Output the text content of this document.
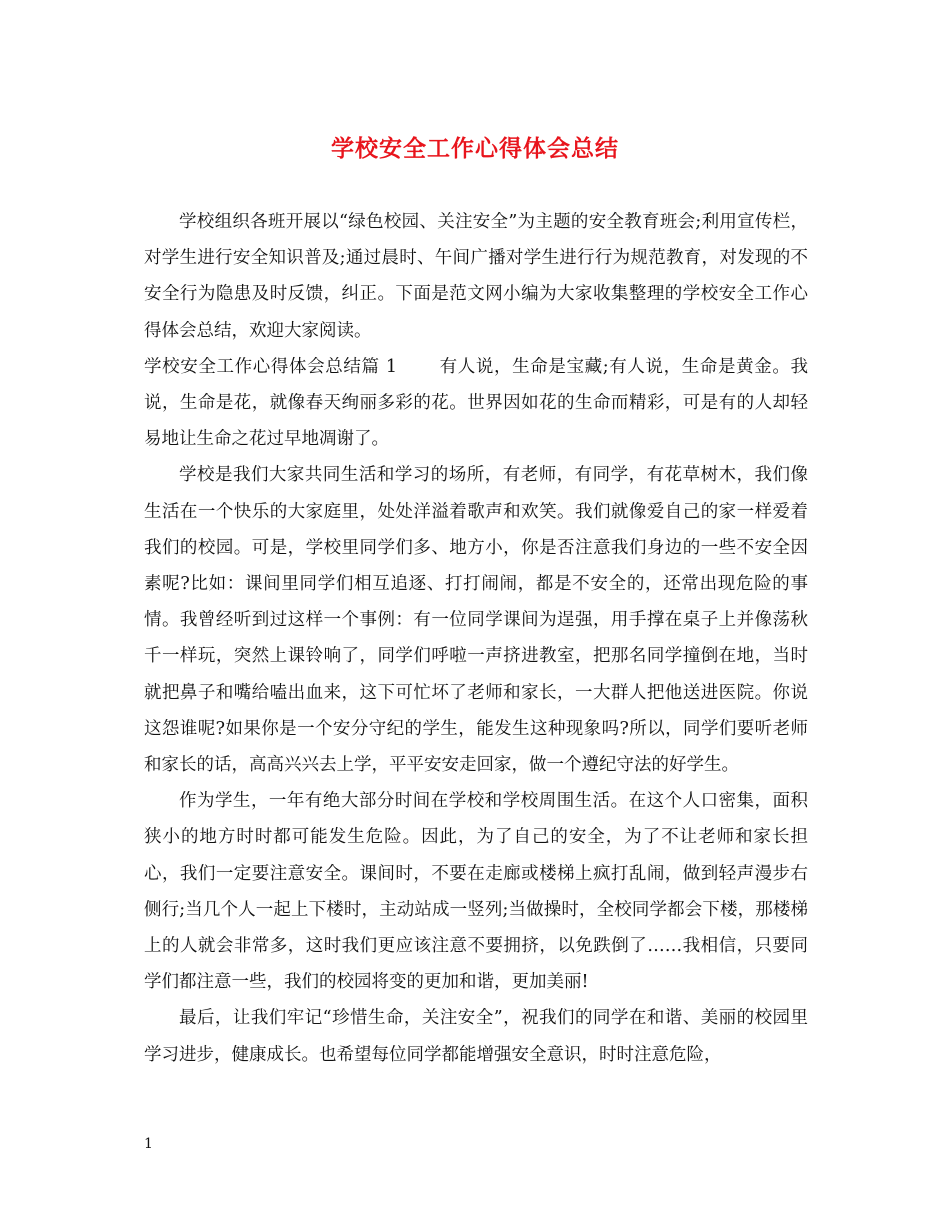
学校安全工作心得体会总结

学校组织各班开展以“绿色校园、关注安全”为主题的安全教育班会;利用宣传栏，对学生进行安全知识普及;通过晨时、午间广播对学生进行行为规范教育，对发现的不安全行为隐患及时反馈，纠正。下面是范文网小编为大家收集整理的学校安全工作心得体会总结，欢迎大家阅读。

学校安全工作心得体会总结篇 1 有人说，生命是宝藏;有人说，生命是黄金。我说，生命是花，就像春天绚丽多彩的花。世界因如花的生命而精彩，可是有的人却轻易地让生命之花过早地凋谢了。

学校是我们大家共同生活和学习的场所，有老师，有同学，有花草树木，我们像生活在一个快乐的大家庭里，处处洋溢着歌声和欢笑。我们就像爱自己的家一样爱着我们的校园。可是，学校里同学们多、地方小，你是否注意我们身边的一些不安全因素呢?比如：课间里同学们相互追逐、打打闹闹，都是不安全的，还常出现危险的事情。我曾经听到过这样一个事例：有一位同学课间为逞强，用手撑在桌子上并像荡秋千一样玩，突然上课铃响了，同学们呼啦一声挤进教室，把那名同学撞倒在地，当时就把鼻子和嘴给嗑出血来，这下可忙坏了老师和家长，一大群人把他送进医院。你说这怨谁呢?如果你是一个安分守纪的学生，能发生这种现象吗?所以，同学们要听老师和家长的话，高高兴兴去上学，平平安安走回家，做一个遵纪守法的好学生。

作为学生，一年有绝大部分时间在学校和学校周围生活。在这个人口密集，面积狭小的地方时时都可能发生危险。因此，为了自己的安全，为了不让老师和家长担心，我们一定要注意安全。课间时，不要在走廊或楼梯上疯打乱闹，做到轻声漫步右侧行;当几个人一起上下楼时，主动站成一竖列;当做操时，全校同学都会下楼，那楼梯上的人就会非常多，这时我们更应该注意不要拥挤，以免跌倒了……我相信，只要同学们都注意一些，我们的校园将变的更加和谐，更加美丽!

最后，让我们牢记“珍惜生命，关注安全”，祝我们的同学在和谐、美丽的校园里学习进步，健康成长。也希望每位同学都能增强安全意识，时时注意危险，

1
